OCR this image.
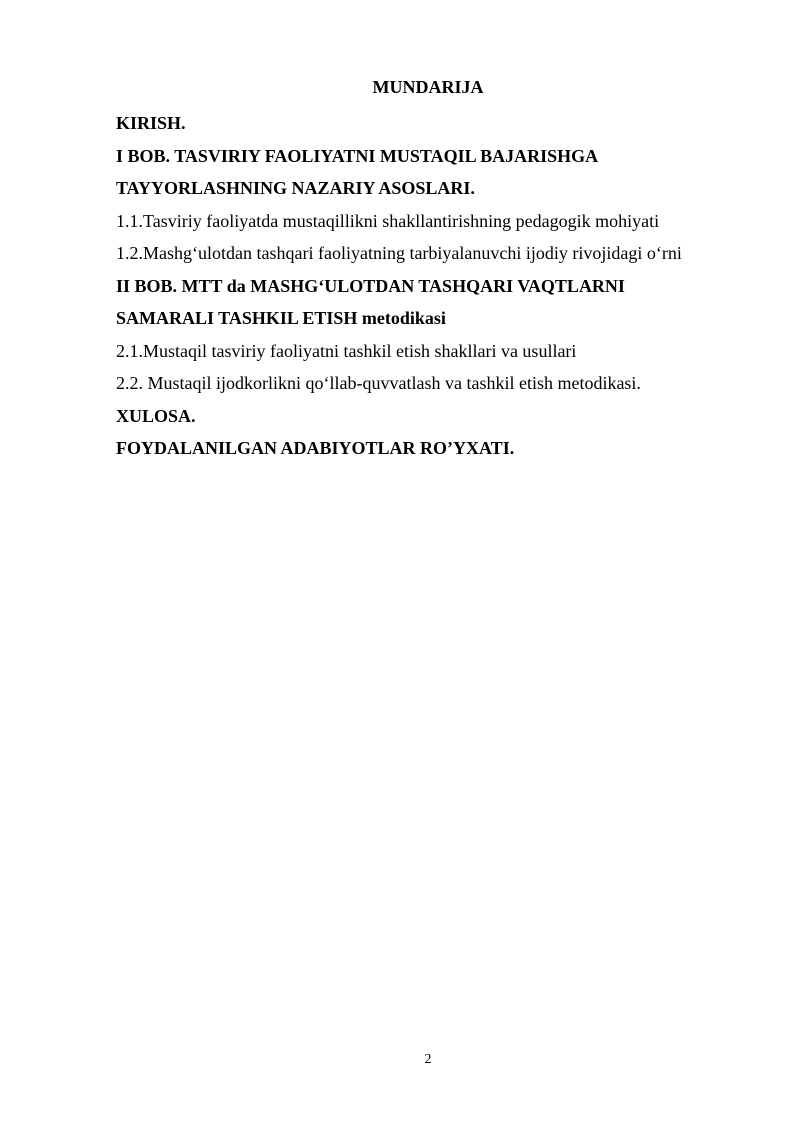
MUNDARIJA
KIRISH.
I BOB. TASVIRIY FAOLIYATNI MUSTAQIL BAJARISHGA
TAYYORLASHNING NAZARIY ASOSLARI.
1.1.Tasviriy faoliyatda mustaqillikni shakllantirishning pedagogik mohiyati
1.2.Mashg‘ulotdan tashqari faoliyatning tarbiyalanuvchi ijodiy rivojidagi o‘rni
II BOB. MTT da MASHG‘ULOTDAN TASHQARI VAQTLARNI
SAMARALI TASHKIL ETISH metodikasi
2.1.Mustaqil tasviriy faoliyatni tashkil etish shakllari va usullari
2.2. Mustaqil ijodkorlikni qo‘llab-quvvatlash va tashkil etish metodikasi.
XULOSA.
FOYDALANILGAN ADABIYOTLAR RO’YXATI.
2
